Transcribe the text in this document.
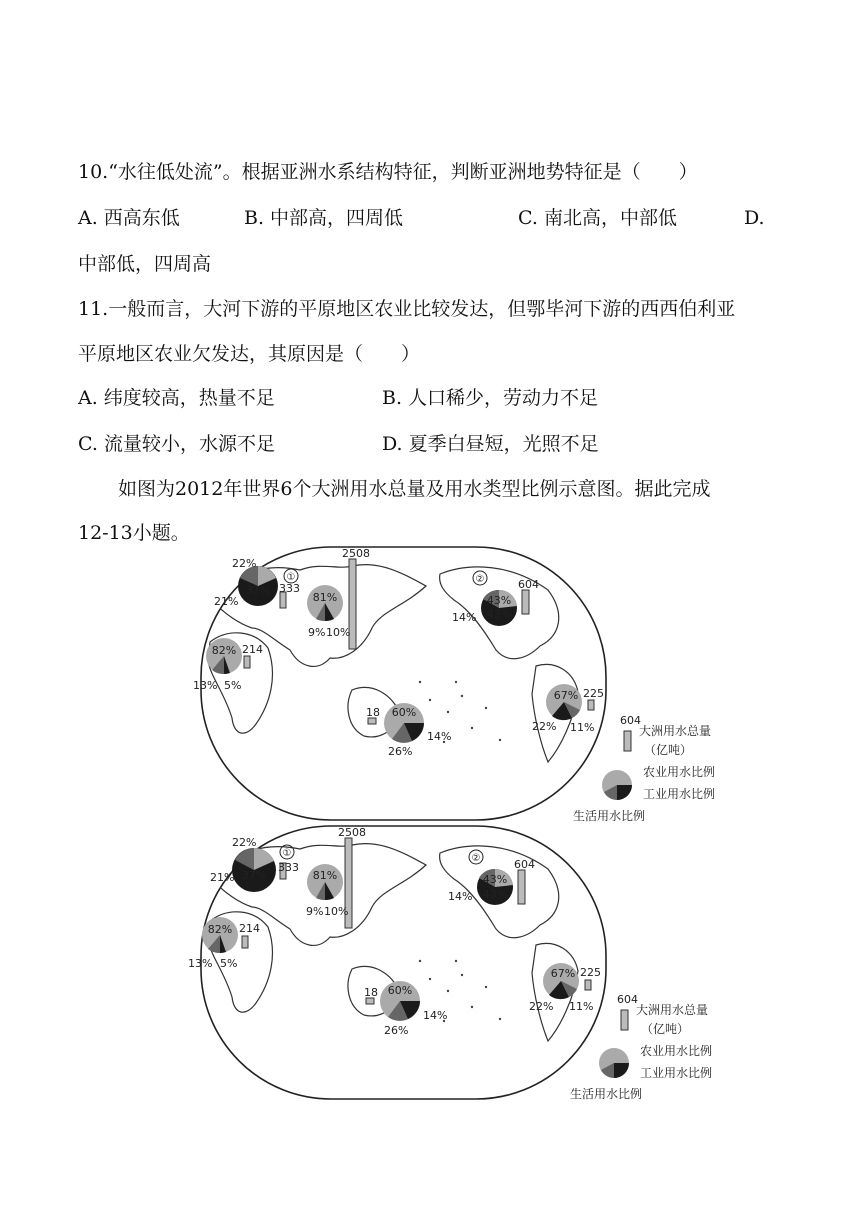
10.“水往低处流”。根据亚洲水系结构特征，判断亚洲地势特征是（　　）
A. 西高东低	B. 中部高，四周低	C. 南北高，中部低	D.
中部低，四周高
11.一般而言，大河下游的平原地区农业比较发达，但鄂毕河下游的西西伯利亚
平原地区农业欠发达，其原因是（　　）
A. 纬度较高，热量不足	B. 人口稀少，劳动力不足
C. 流量较小，水源不足	D. 夏季白昼短，光照不足
如图为2012年世界6个大洲用水总量及用水类型比例示意图。据此完成
12-13小题。
37%
22%
21%
333
①
2508
81%
9% 10%
82%
13% 5%
214
43%
43%
14%
604
②
67%
22% 11%
225
60%
26%
14%
18
604
大洲用水总量
（亿吨）
农业用水比例
工业用水比例
生活用水比例
37%
22%
21%
333
①
2508
81%
9% 10%
82%
13% 5%
214
43%
43%
14%
604
②
67%
22% 11%
225
60%
26%
14%
18
604
大洲用水总量
（亿吨）
农业用水比例
工业用水比例
生活用水比例
